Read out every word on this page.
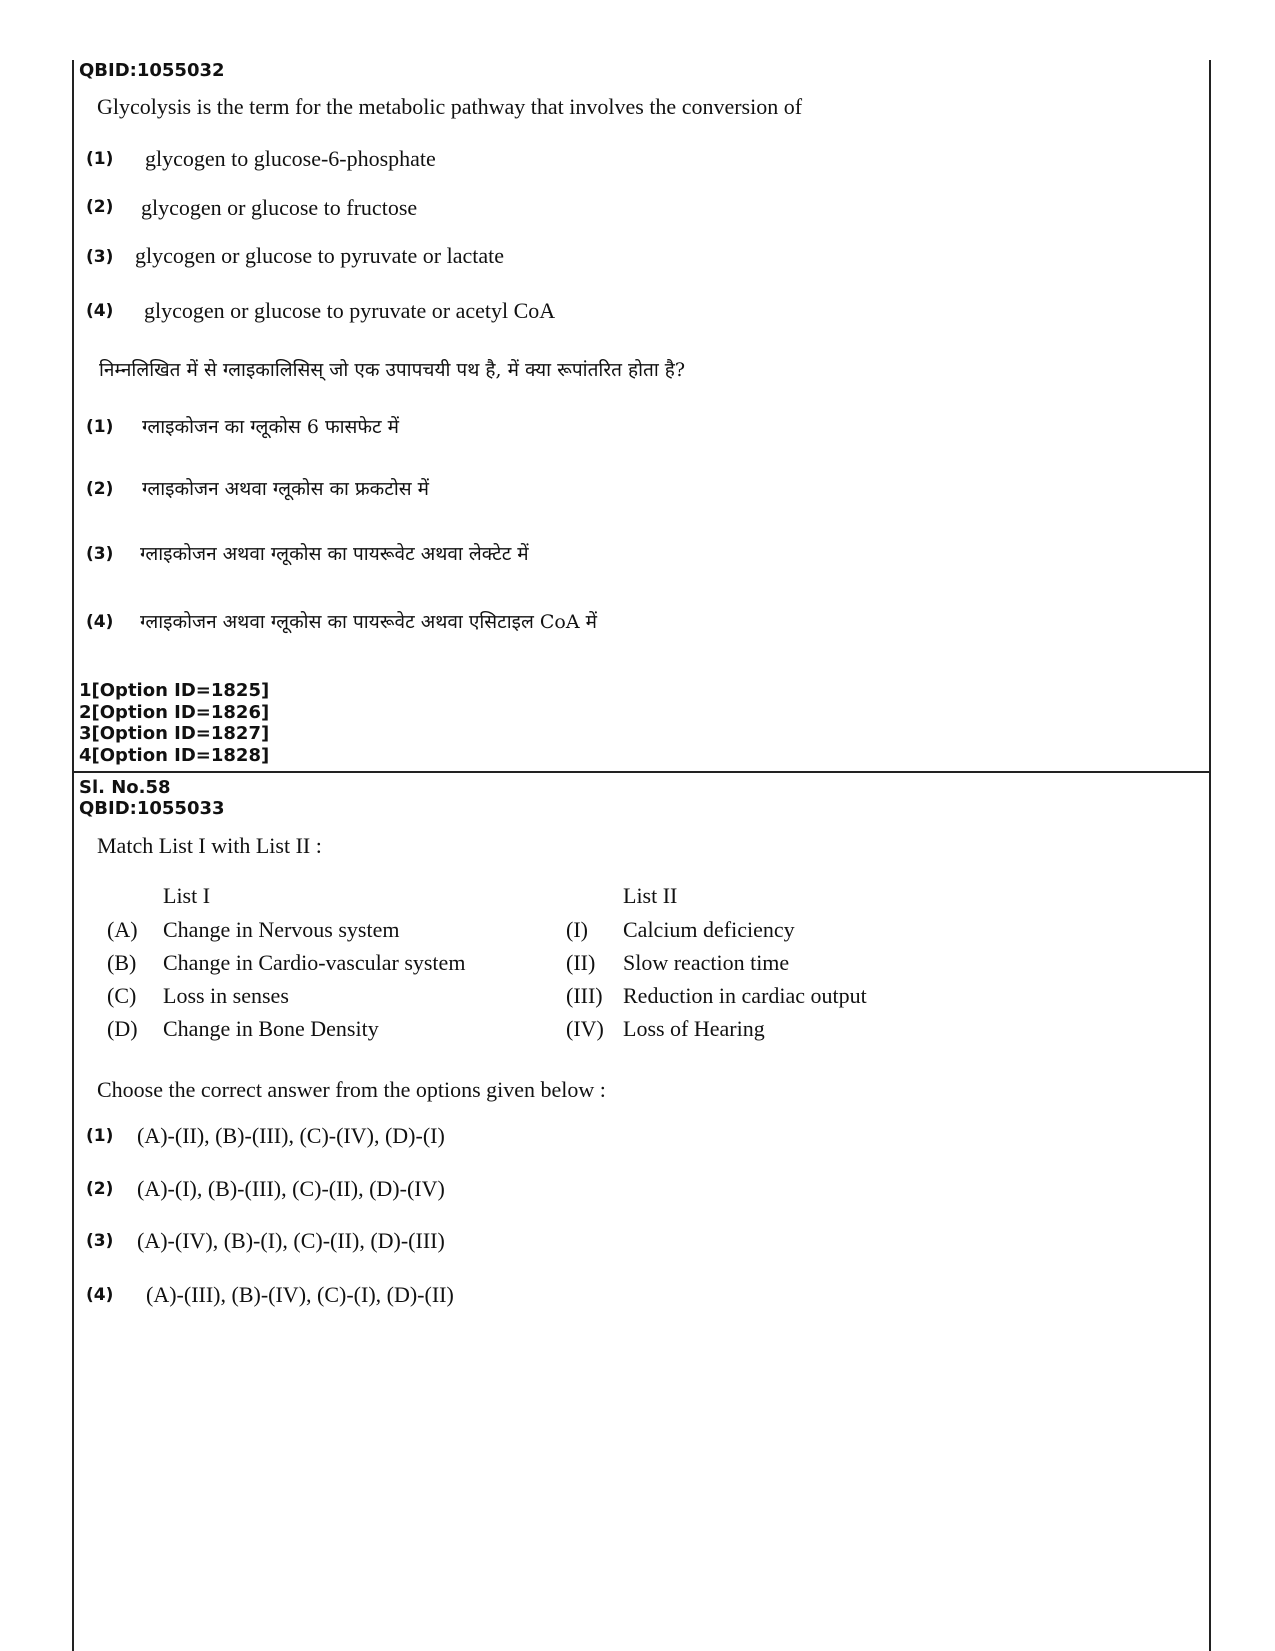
QBID:1055032

Glycolysis is the term for the metabolic pathway that involves the conversion of

(1) glycogen to glucose-6-phosphate
(2) glycogen or glucose to fructose
(3) glycogen or glucose to pyruvate or lactate
(4) glycogen or glucose to pyruvate or acetyl CoA

निम्नलिखित में से ग्लाइकालिसिस् जो एक उपापचयी पथ है, में क्या रूपांतरित होता है?

(1) ग्लाइकोजन का ग्लूकोस 6 फासफेट में
(2) ग्लाइकोजन अथवा ग्लूकोस का फ्रकटोस में
(3) ग्लाइकोजन अथवा ग्लूकोस का पायरूवेट अथवा लेक्टेट में
(4) ग्लाइकोजन अथवा ग्लूकोस का पायरूवेट अथवा एसिटाइल CoA में
1[Option ID=1825]
2[Option ID=1826]
3[Option ID=1827]
4[Option ID=1828]

Sl. No.58

QBID:1055033

Match List I with List II :

List I	List II
(A) Change in Nervous system	(I) Calcium deficiency
(B) Change in Cardio-vascular system	(II) Slow reaction time
(C) Loss in senses	(III) Reduction in cardiac output
(D) Change in Bone Density	(IV) Loss of Hearing

Choose the correct answer from the options given below :

(1) (A)-(II), (B)-(III), (C)-(IV), (D)-(I)
(2) (A)-(I), (B)-(III), (C)-(II), (D)-(IV)
(3) (A)-(IV), (B)-(I), (C)-(II), (D)-(III)
(4) (A)-(III), (B)-(IV), (C)-(I), (D)-(II)
